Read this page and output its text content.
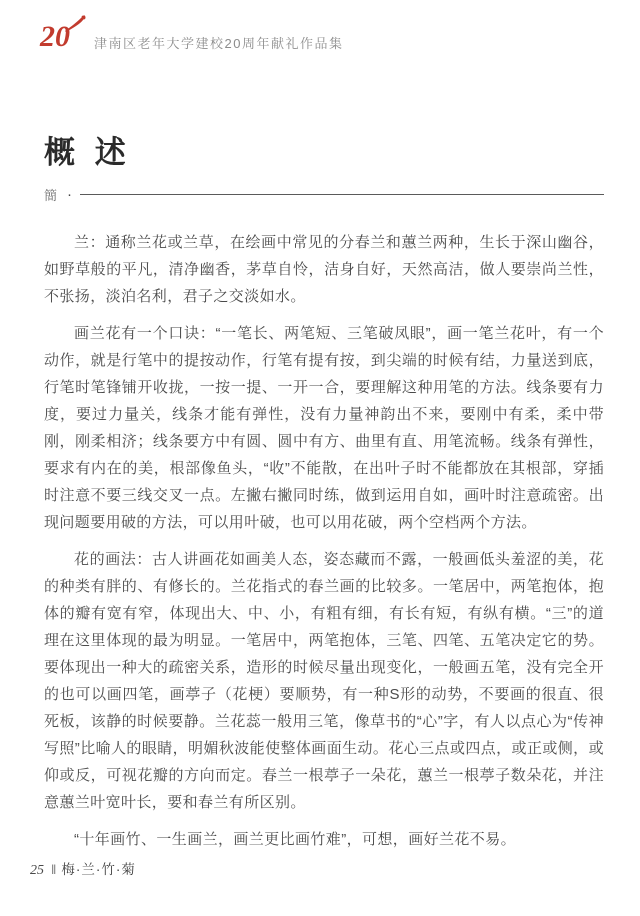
20	津南区老年大学建校20周年献礼作品集
概 述
簡 ·

兰：通称兰花或兰草，在绘画中常见的分春兰和蕙兰两种，生长于深山幽谷，如野草般的平凡，清净幽香，茅草自怜，洁身自好，天然高洁，做人要崇尚兰性，不张扬，淡泊名利，君子之交淡如水。

画兰花有一个口诀：“一笔长、两笔短、三笔破凤眼”，画一笔兰花叶，有一个动作，就是行笔中的提按动作，行笔有提有按，到尖端的时候有结，力量送到底，行笔时笔锋铺开收拢，一按一提、一开一合，要理解这种用笔的方法。线条要有力度，要过力量关，线条才能有弹性，没有力量神韵出不来，要刚中有柔，柔中带刚，刚柔相济；线条要方中有圆、圆中有方、曲里有直、用笔流畅。线条有弹性，要求有内在的美，根部像鱼头，“收”不能散，在出叶子时不能都放在其根部，穿插时注意不要三线交叉一点。左撇右撇同时练，做到运用自如，画叶时注意疏密。出现问题要用破的方法，可以用叶破，也可以用花破，两个空档两个方法。

花的画法：古人讲画花如画美人态，姿态藏而不露，一般画低头羞涩的美，花的种类有胖的、有修长的。兰花指式的春兰画的比较多。一笔居中，两笔抱体，抱体的瓣有宽有窄，体现出大、中、小，有粗有细，有长有短，有纵有横。“三”的道理在这里体现的最为明显。一笔居中，两笔抱体，三笔、四笔、五笔决定它的势。要体现出一种大的疏密关系，造形的时候尽量出现变化，一般画五笔，没有完全开的也可以画四笔，画葶子（花梗）要顺势，有一种S形的动势，不要画的很直、很死板，该静的时候要静。兰花蕊一般用三笔，像草书的“心”字，有人以点心为“传神写照”比喻人的眼睛，明媚秋波能使整体画面生动。花心三点或四点，或正或侧，或仰或反，可视花瓣的方向而定。春兰一根葶子一朵花，蕙兰一根葶子数朵花，并注意蕙兰叶宽叶长，要和春兰有所区别。

“十年画竹、一生画兰，画兰更比画竹难”，可想，画好兰花不易。

25 ‖ 梅·兰·竹·菊
